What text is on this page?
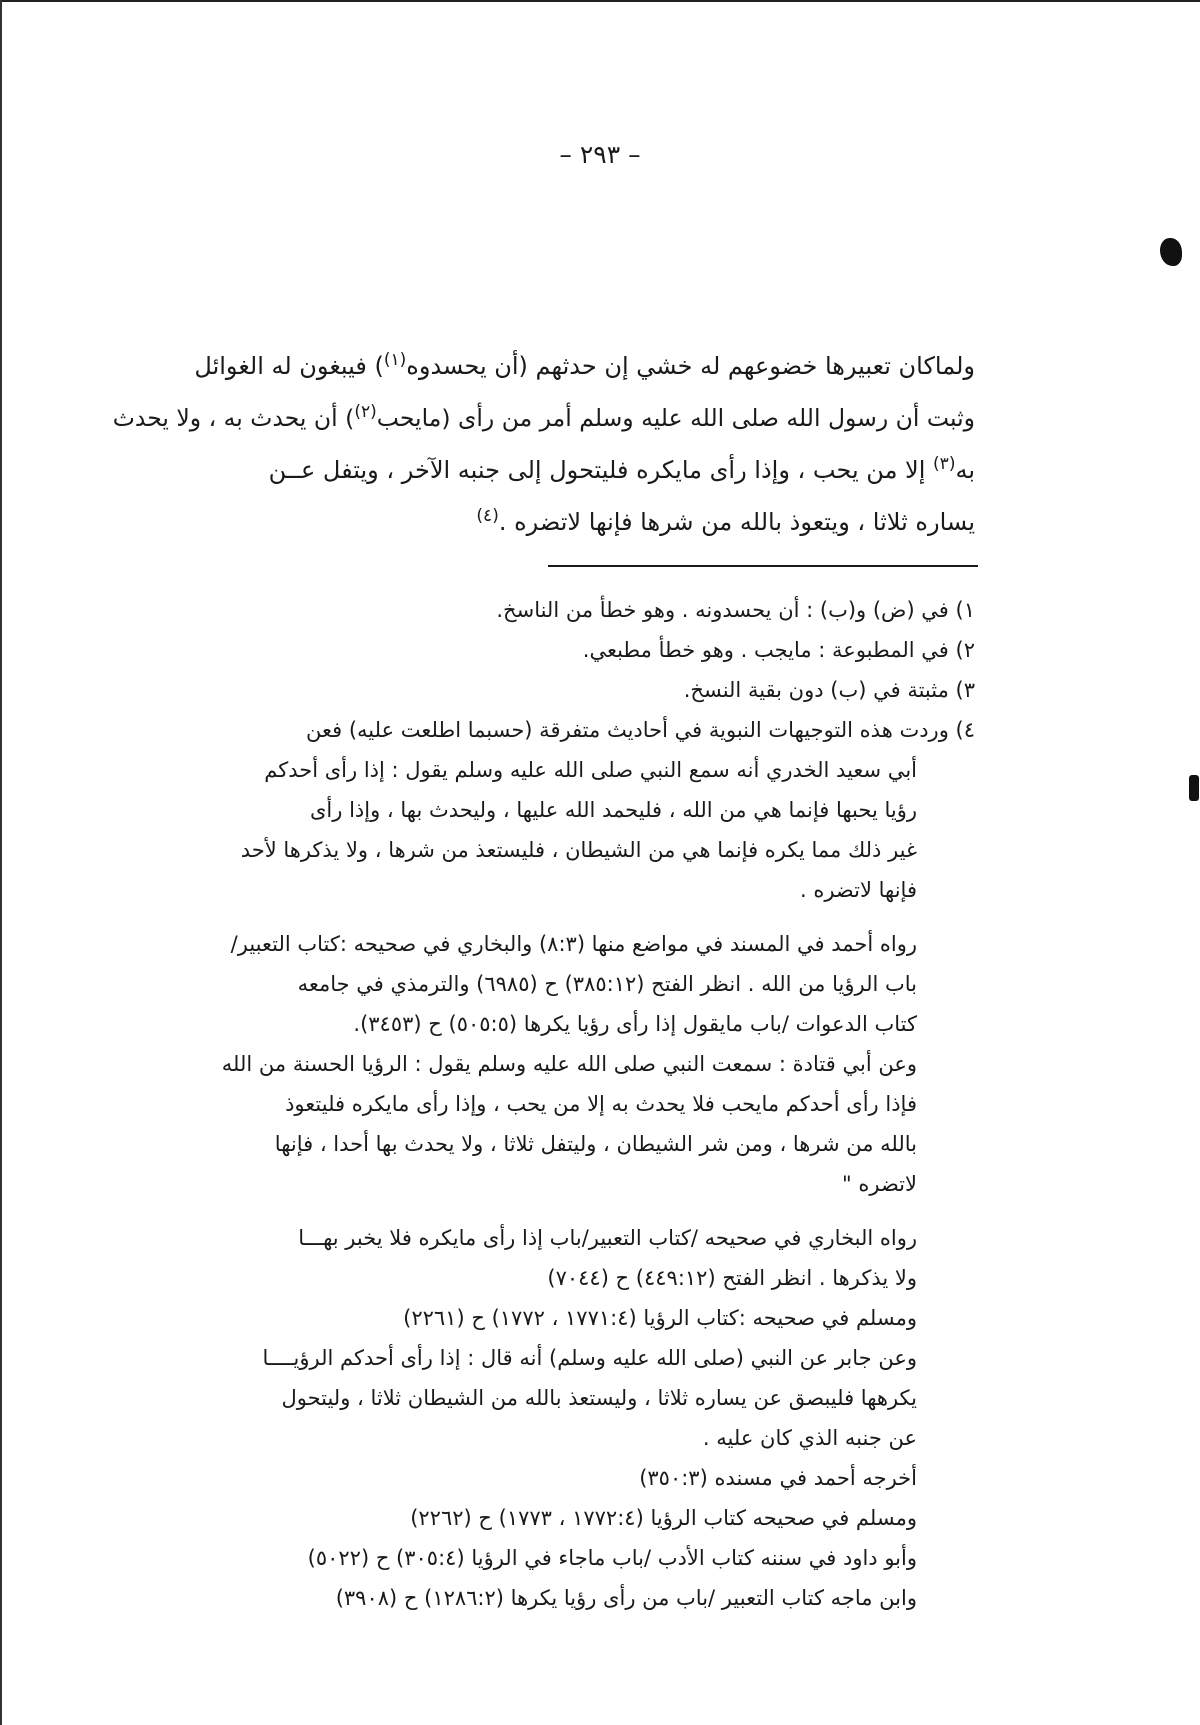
– ٢٩٣ –
ولماكان تعبيرها خضوعهم له خشي إن حدثهم (أن يحسدوه$^{(١)}$) فيبغون له الغوائل
وثبت أن رسول الله صلى الله عليه وسلم أمر من رأى (مايحب$^{(٢)}$) أن يحدث به ، ولا يحدث
به$^{(٣)}$ إلا من يحب ، وإذا رأى مايكره فليتحول إلى جنبه الآخر ، ويتفل عــن
يساره ثلاثا ، ويتعوذ بالله من شرها فإنها لاتضره .$^{(٤)}$
١) في (ض) و(ب) : أن يحسدونه . وهو خطأ من الناسخ.
٢) في المطبوعة : مايجب . وهو خطأ مطبعي.
٣) مثبتة في (ب) دون بقية النسخ.
٤) وردت هذه التوجيهات النبوية في أحاديث متفرقة (حسبما اطلعت عليه) فعن
أبي سعيد الخدري أنه سمع النبي صلى الله عليه وسلم يقول : إذا رأى أحدكم
رؤيا يحبها فإنما هي من الله ، فليحمد الله عليها ، وليحدث بها ، وإذا رأى
غير ذلك مما يكره فإنما هي من الشيطان ، فليستعذ من شرها ، ولا يذكرها لأحد
فإنها لاتضره .
رواه أحمد في المسند في مواضع منها (٨:٣) والبخاري في صحيحه :كتاب التعبير/
باب الرؤيا من الله . انظر الفتح (٣٨٥:١٢) ح (٦٩٨٥) والترمذي في جامعه
كتاب الدعوات /باب مايقول إذا رأى رؤيا يكرها (٥٠٥:٥) ح (٣٤٥٣).
وعن أبي قتادة : سمعت النبي صلى الله عليه وسلم يقول : الرؤيا الحسنة من الله
فإذا رأى أحدكم مايحب فلا يحدث به إلا من يحب ، وإذا رأى مايكره فليتعوذ
بالله من شرها ، ومن شر الشيطان ، وليتفل ثلاثا ، ولا يحدث بها أحدا ، فإنها
لاتضره "
رواه البخاري في صحيحه /كتاب التعبير/باب إذا رأى مايكره فلا يخبر بهـــا
ولا يذكرها . انظر الفتح (٤٤٩:١٢) ح (٧٠٤٤)
ومسلم في صحيحه :كتاب الرؤيا (١٧٧١:٤ ، ١٧٧٢) ح (٢٢٦١)
وعن جابر عن النبي (صلى الله عليه وسلم) أنه قال : إذا رأى أحدكم الرؤيــــا
يكرهها فليبصق عن يساره ثلاثا ، وليستعذ بالله من الشيطان ثلاثا ، وليتحول
عن جنبه الذي كان عليه .
أخرجه أحمد في مسنده (٣٥٠:٣)
ومسلم في صحيحه كتاب الرؤيا (١٧٧٢:٤ ، ١٧٧٣) ح (٢٢٦٢)
وأبو داود في سننه كتاب الأدب /باب ماجاء في الرؤيا (٣٠٥:٤) ح (٥٠٢٢)
وابن ماجه كتاب التعبير /باب من رأى رؤيا يكرها (١٢٨٦:٢) ح (٣٩٠٨)
